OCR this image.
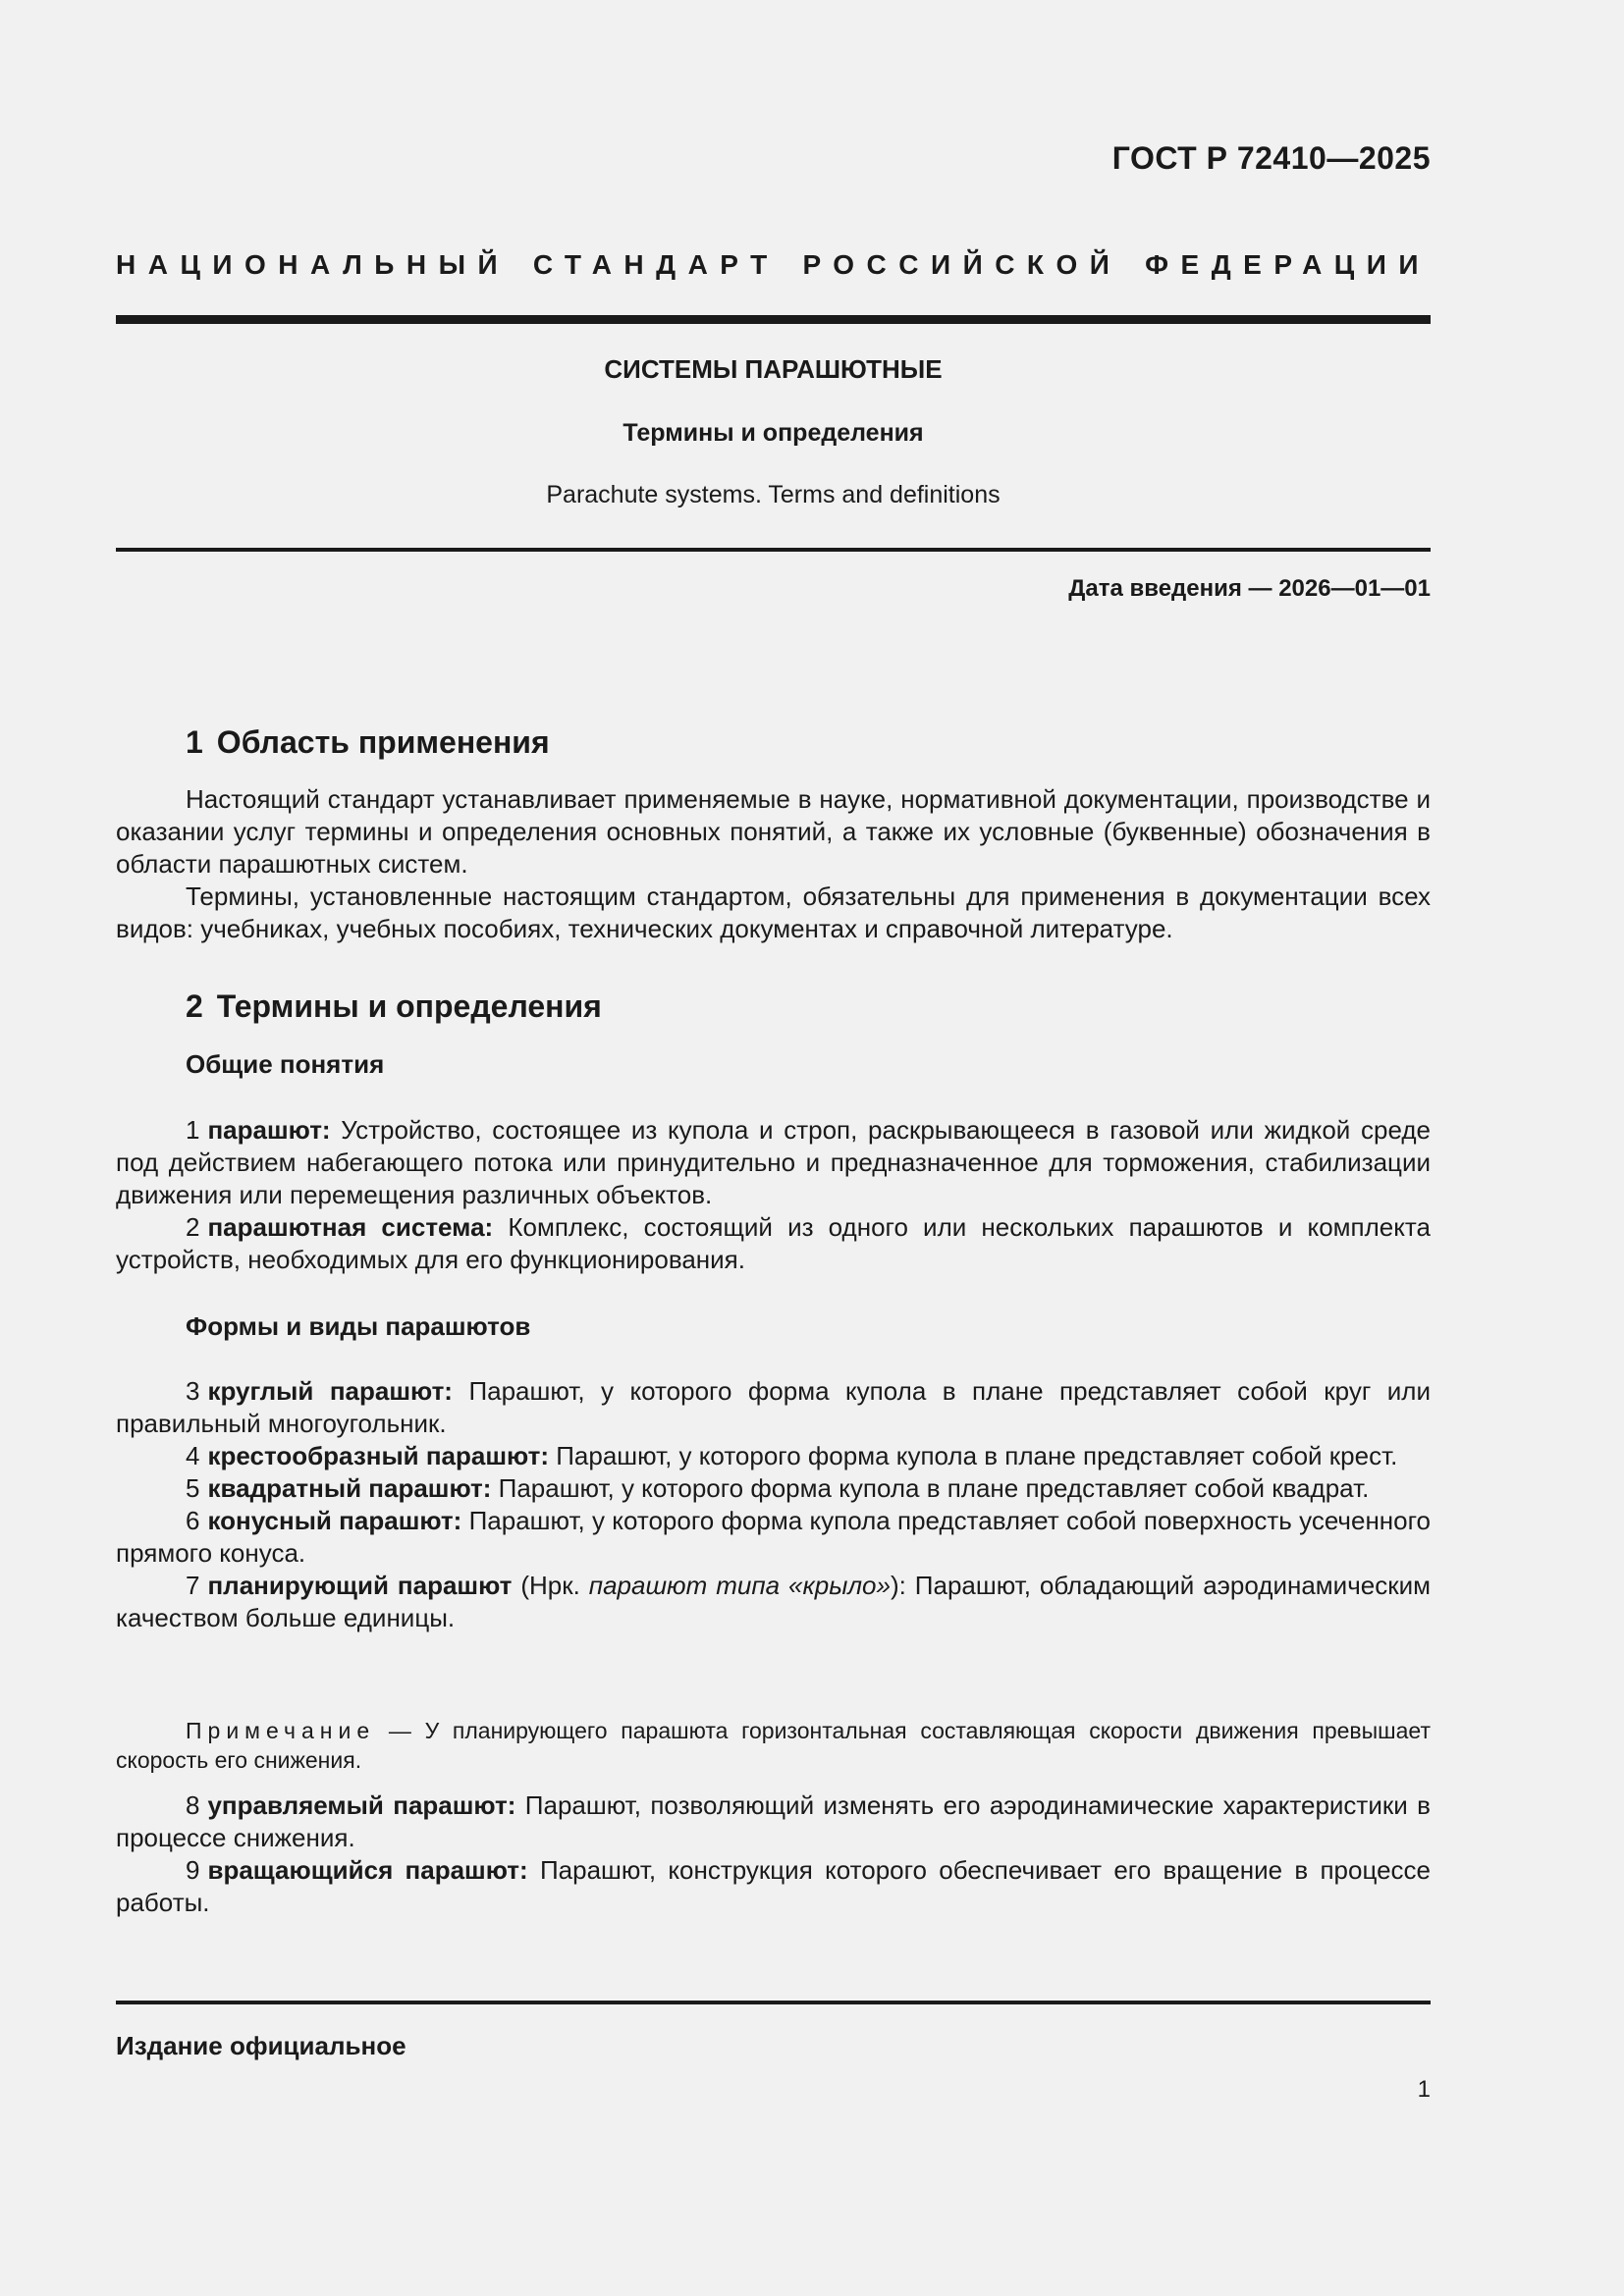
ГОСТ Р 72410—2025
НАЦИОНАЛЬНЫЙ СТАНДАРТ РОССИЙСКОЙ ФЕДЕРАЦИИ
СИСТЕМЫ ПАРАШЮТНЫЕ
Термины и определения
Parachute systems. Terms and definitions
Дата введения — 2026—01—01
1 Область применения

Настоящий стандарт устанавливает применяемые в науке, нормативной документации, производстве и оказании услуг термины и определения основных понятий, а также их условные (буквенные) обозначения в области парашютных систем.

Термины, установленные настоящим стандартом, обязательны для применения в документации всех видов: учебниках, учебных пособиях, технических документах и справочной литературе.

2 Термины и определения
Общие понятия

1 парашют: Устройство, состоящее из купола и строп, раскрывающееся в газовой или жидкой среде под действием набегающего потока или принудительно и предназначенное для торможения, стабилизации движения или перемещения различных объектов.

2 парашютная система: Комплекс, состоящий из одного или нескольких парашютов и комплекта устройств, необходимых для его функционирования.

Формы и виды парашютов

3 круглый парашют: Парашют, у которого форма купола в плане представляет собой круг или правильный многоугольник.

4 крестообразный парашют: Парашют, у которого форма купола в плане представляет собой крест.

5 квадратный парашют: Парашют, у которого форма купола в плане представляет собой квадрат.

6 конусный парашют: Парашют, у которого форма купола представляет собой поверхность усеченного прямого конуса.

7 планирующий парашют (Нрк. парашют типа «крыло»): Парашют, обладающий аэродинамическим качеством больше единицы.

Примечание — У планирующего парашюта горизонтальная составляющая скорости движения превышает скорость его снижения.

8 управляемый парашют: Парашют, позволяющий изменять его аэродинамические характеристики в процессе снижения.

9 вращающийся парашют: Парашют, конструкция которого обеспечивает его вращение в процессе работы.

Издание официальное
1
